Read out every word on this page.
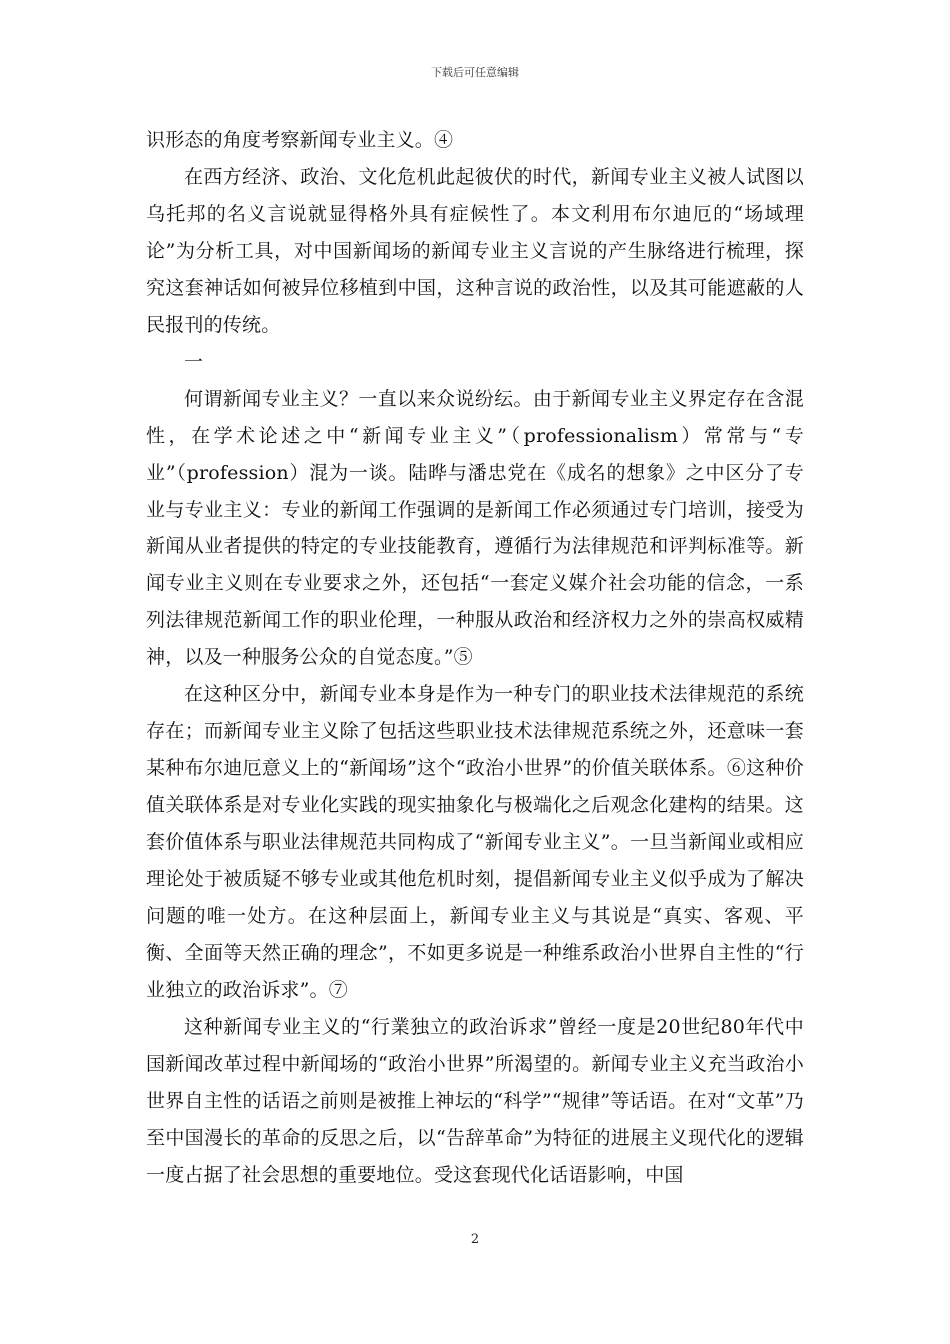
下载后可任意编辑

识形态的角度考察新闻专业主义。④

在西方经济、政治、文化危机此起彼伏的时代，新闻专业主义被人试图以乌托邦的名义言说就显得格外具有症候性了。本文利用布尔迪厄的“场域理论”为分析工具，对中国新闻场的新闻专业主义言说的产生脉络进行梳理，探究这套神话如何被异位移植到中国，这种言说的政治性，以及其可能遮蔽的人民报刊的传统。

一

何谓新闻专业主义？一直以来众说纷纭。由于新闻专业主义界定存在含混性，在学术论述之中“新闻专业主义”（professionalism）常常与“专业”（profession）混为一谈。陆晔与潘忠党在《成名的想象》之中区分了专业与专业主义：专业的新闻工作强调的是新闻工作必须通过专门培训，接受为新闻从业者提供的特定的专业技能教育，遵循行为法律规范和评判标准等。新闻专业主义则在专业要求之外，还包括“一套定义媒介社会功能的信念，一系列法律规范新闻工作的职业伦理，一种服从政治和经济权力之外的崇高权威精神，以及一种服务公众的自觉态度。”⑤

在这种区分中，新闻专业本身是作为一种专门的职业技术法律规范的系统存在；而新闻专业主义除了包括这些职业技术法律规范系统之外，还意味一套某种布尔迪厄意义上的“新闻场”这个“政治小世界”的价值关联体系。⑥这种价值关联体系是对专业化实践的现实抽象化与极端化之后观念化建构的结果。这套价值体系与职业法律规范共同构成了“新闻专业主义”。一旦当新闻业或相应理论处于被质疑不够专业或其他危机时刻，提倡新闻专业主义似乎成为了解决问题的唯一处方。在这种层面上，新闻专业主义与其说是“真实、客观、平衡、全面等天然正确的理念”，不如更多说是一种维系政治小世界自主性的“行业独立的政治诉求”。⑦

这种新闻专业主义的“行業独立的政治诉求”曾经一度是20世纪80年代中国新闻改革过程中新闻场的“政治小世界”所渴望的。新闻专业主义充当政治小世界自主性的话语之前则是被推上神坛的“科学”“规律”等话语。在对“文革”乃至中国漫长的革命的反思之后，以“告辞革命”为特征的进展主义现代化的逻辑一度占据了社会思想的重要地位。受这套现代化话语影响，中国

2
